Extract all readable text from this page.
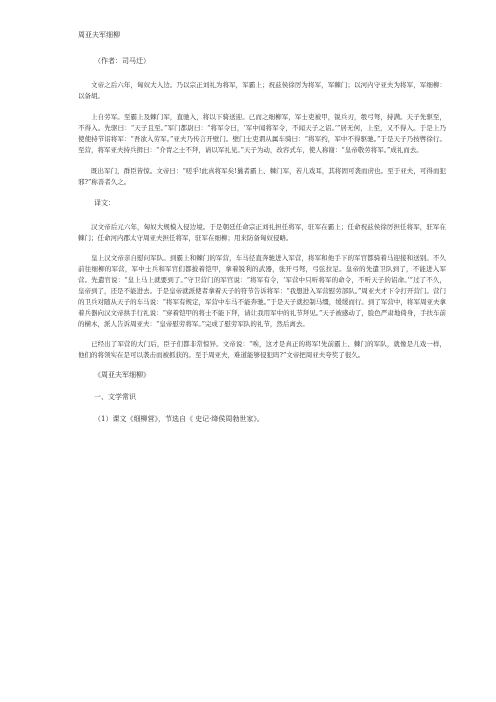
周亚夫军细柳
（作者：司马迁）

文帝之后六年，匈奴大入边。乃以宗正刘礼为将军，军霸上；祝兹侯徐厉为将军，军棘门；以河内守亚夫为将军，军细柳：以备胡。

上自劳军。至霸上及棘门军，直驰入，将以下骑送迎。已而之细柳军，军士吏被甲，锐兵刃，彀弓弩，持满。天子先驱至，不得入。先驱曰：“天子且至。”军门都尉曰：“将军令曰，‘军中闻将军令，不闻天子之诏。’”居无何，上至，又不得入。于是上乃使使持节诏将军：“吾欲入劳军。”亚夫乃传言开壁门。壁门士吏谓从属车骑曰：“将军约，军中不得驱驰。”于是天子乃按辔徐行。至营，将军亚夫持兵揖曰：“介胄之士不拜，请以军礼见。”天子为动，改容式车，使人称谢：“皇帝敬劳将军。”成礼而去。

既出军门，群臣皆惊。文帝曰：“嗟乎!此真将军矣!曩者霸上、棘门军，若儿戏耳，其将固可袭而虏也。至于亚夫，可得而犯邪?”称善者久之。

译文：

汉文帝后元六年，匈奴大规模入侵边境。于是朝廷任命宗正刘礼担任将军，驻军在霸上；任命祝兹侯徐厉担任将军，驻军在棘门；任命河内郡太守周亚夫担任将军，驻军在细柳；用来防备匈奴侵略。

皇上汉文帝亲自慰问军队。到霸上和棘门的军营，车马径直奔驰进入军营，将军和他手下的军官都骑着马迎接和送别。不久前往细柳的军营，军中士兵和军官们都披着铠甲，拿着锐利的武器，张开弓弩，弓弦拉足。皇帝的先遣卫队到了，不能进入军营。先遣官说：“皇上马上就要到了。”守卫营门的军官说：“将军有令，‘军营中只听将军的命令，不听天子的诏命。’”过了不久，皇帝到了，还是不能进去。于是皇帝就派使者拿着天子的符节告诉将军：“我想进入军营慰劳部队。”周亚夫才下令打开营门。营门的卫兵对随从天子的车马说：“将军有规定，军营中车马不能奔驰。”于是天子就控制马缰，缓缓而行。到了军营中，将军周亚夫拿着兵器向汉文帝拱手行礼说：“穿着铠甲的将士不能下拜，请让我用军中的礼节拜见。”天子被感动了，脸色严肃地倚身，手扶车前的横木，派人告诉周亚夫：“皇帝慰劳将军。”完成了慰劳军队的礼节，然后离去。

已经出了军营的大门后，臣子们都非常惊异。文帝说：“唉，这才是真正的将军!先前霸上、棘门的军队，就像是儿戏一样，他们的将领实在是可以袭击而被抓获的。至于周亚夫，难道能够侵犯吗?”文帝把周亚夫夸奖了很久。

《周亚夫军细柳》
一、文学常识
（1）课文《细柳营》，节选自《 史记·绛侯周勃世家》。
